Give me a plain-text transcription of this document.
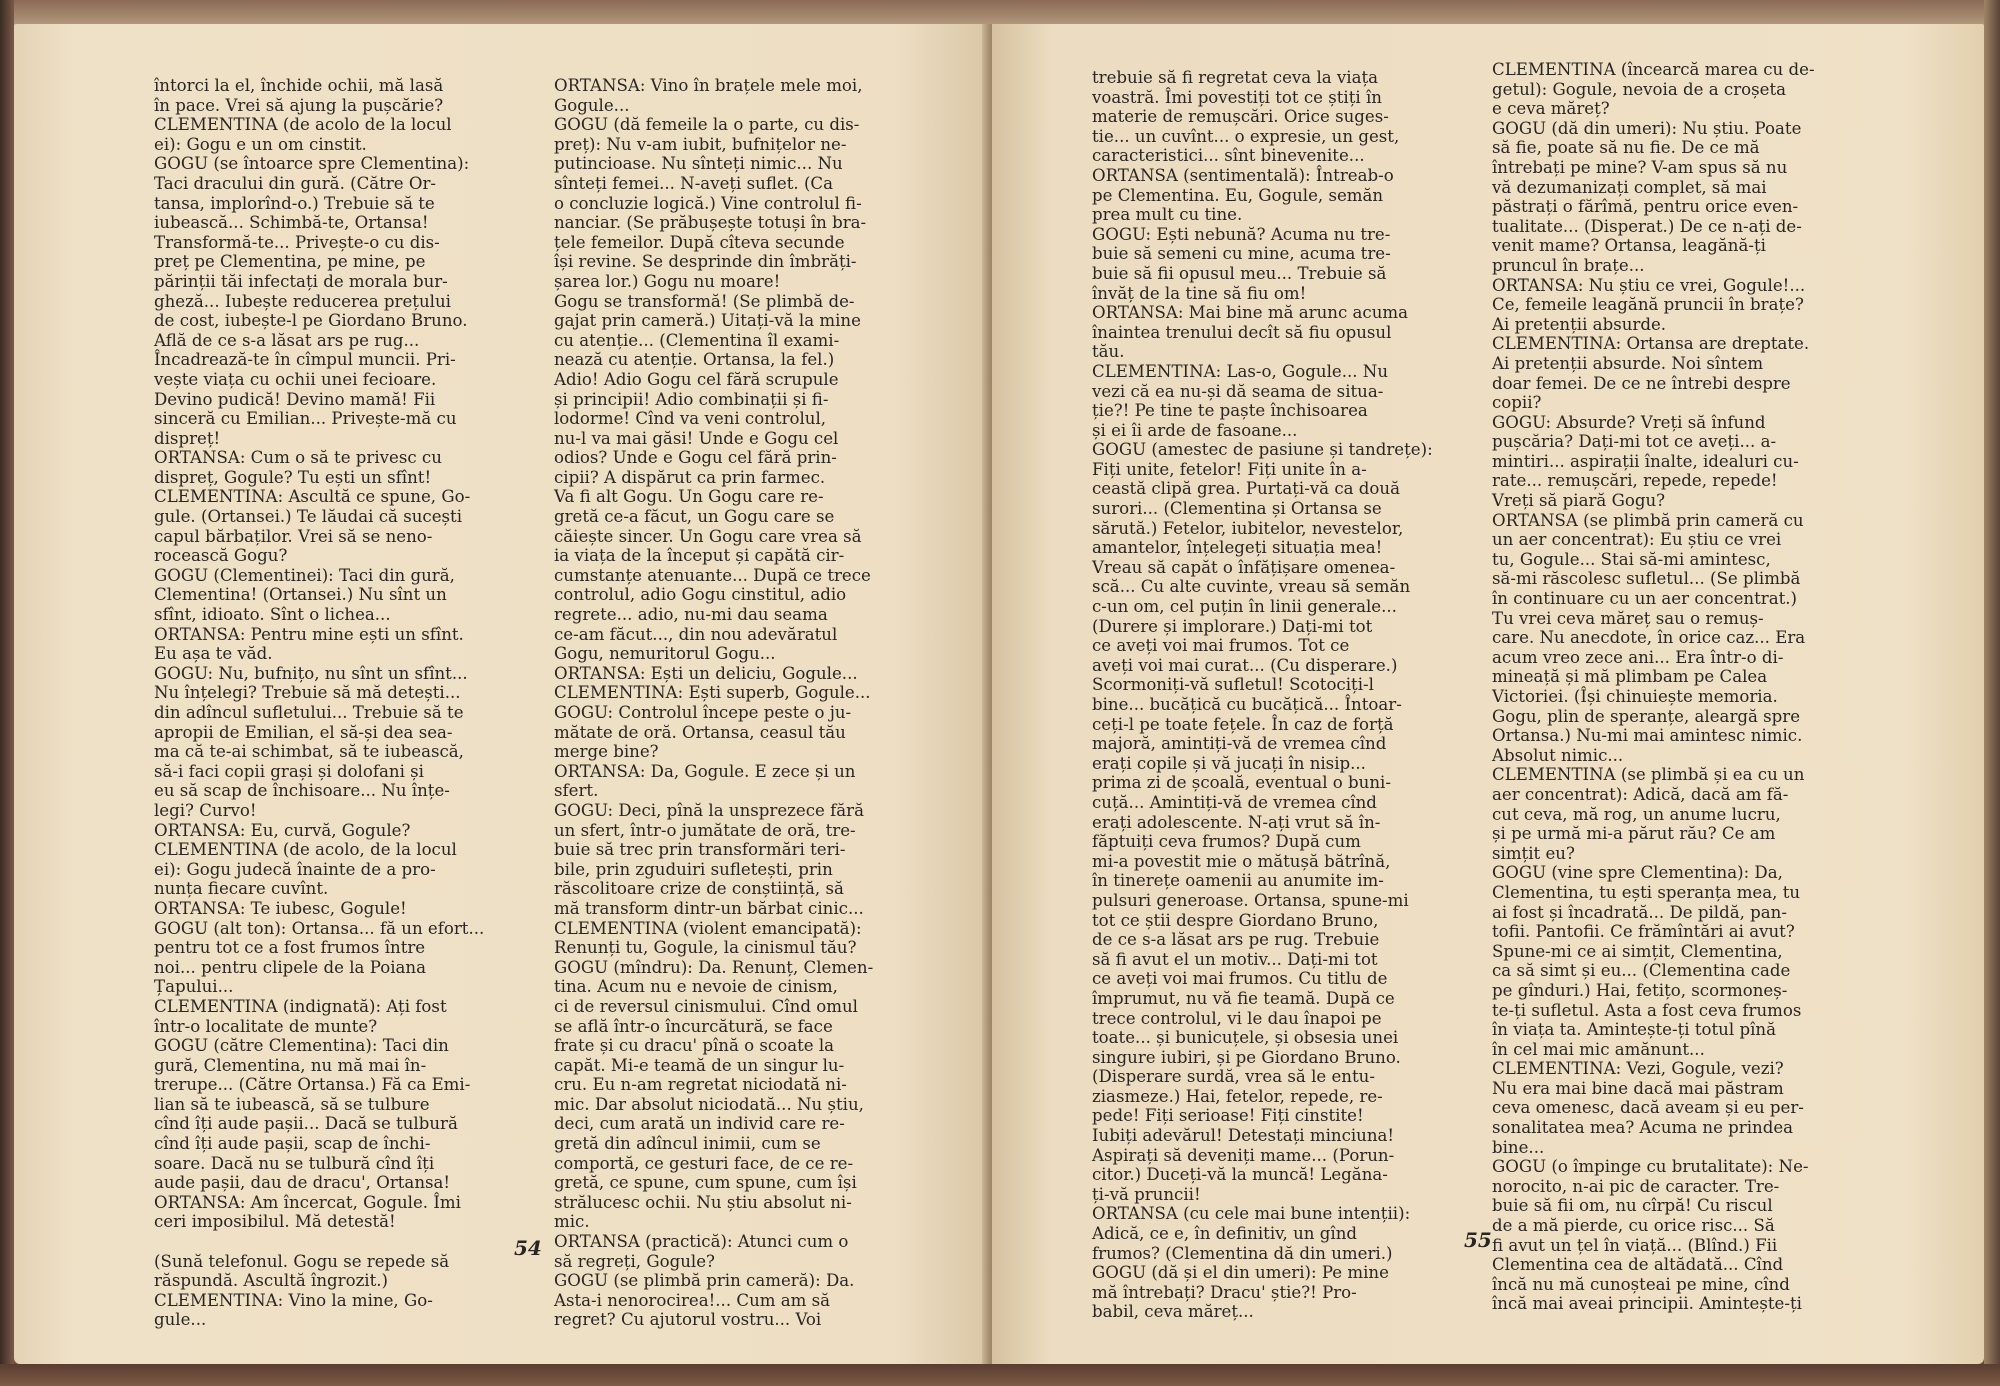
întorci la el, închide ochii, mă lasă
în pace. Vrei să ajung la pușcărie?
CLEMENTINA (de acolo de la locul
ei): Gogu e un om cinstit.
GOGU (se întoarce spre Clementina):
Taci dracului din gură. (Către Or-
tansa, implorînd-o.) Trebuie să te
iubească... Schimbă-te, Ortansa!
Transformă-te... Privește-o cu dis-
preț pe Clementina, pe mine, pe
părinții tăi infectați de morala bur-
gheză... Iubește reducerea prețului
de cost, iubește-l pe Giordano Bruno.
Află de ce s-a lăsat ars pe rug...
Încadrează-te în cîmpul muncii. Pri-
vește viața cu ochii unei fecioare.
Devino pudică! Devino mamă! Fii
sinceră cu Emilian... Privește-mă cu
dispreț!
ORTANSA: Cum o să te privesc cu
dispreț, Gogule? Tu ești un sfînt!
CLEMENTINA: Ascultă ce spune, Go-
gule. (Ortansei.) Te lăudai că sucești
capul bărbaților. Vrei să se neno-
rocească Gogu?
GOGU (Clementinei): Taci din gură,
Clementina! (Ortansei.) Nu sînt un
sfînt, idioato. Sînt o lichea...
ORTANSA: Pentru mine ești un sfînt.
Eu așa te văd.
GOGU: Nu, bufnițo, nu sînt un sfînt...
Nu înțelegi? Trebuie să mă detești...
din adîncul sufletului... Trebuie să te
apropii de Emilian, el să-și dea sea-
ma că te-ai schimbat, să te iubească,
să-i faci copii grași și dolofani și
eu să scap de închisoare... Nu înțe-
legi? Curvo!
ORTANSA: Eu, curvă, Gogule?
CLEMENTINA (de acolo, de la locul
ei): Gogu judecă înainte de a pro-
nunța fiecare cuvînt.
ORTANSA: Te iubesc, Gogule!
GOGU (alt ton): Ortansa... fă un efort...
pentru tot ce a fost frumos între
noi... pentru clipele de la Poiana
Țapului...
CLEMENTINA (indignată): Ați fost
într-o localitate de munte?
GOGU (către Clementina): Taci din
gură, Clementina, nu mă mai în-
trerupe... (Către Ortansa.) Fă ca Emi-
lian să te iubească, să se tulbure
cînd îți aude pașii... Dacă se tulbură
cînd îți aude pașii, scap de închi-
soare. Dacă nu se tulbură cînd îți
aude pașii, dau de dracu', Ortansa!
ORTANSA: Am încercat, Gogule. Îmi
ceri imposibilul. Mă detestă!
(Sună telefonul. Gogu se repede să
răspundă. Ascultă îngrozit.)
CLEMENTINA: Vino la mine, Go-
gule...
ORTANSA: Vino în brațele mele moi,
Gogule...
GOGU (dă femeile la o parte, cu dis-
preț): Nu v-am iubit, bufnițelor ne-
putincioase. Nu sînteți nimic... Nu
sînteți femei... N-aveți suflet. (Ca
o concluzie logică.) Vine controlul fi-
nanciar. (Se prăbușește totuși în bra-
țele femeilor. După cîteva secunde
își revine. Se desprinde din îmbrăți-
șarea lor.) Gogu nu moare!
Gogu se transformă! (Se plimbă de-
gajat prin cameră.) Uitați-vă la mine
cu atenție... (Clementina îl exami-
nează cu atenție. Ortansa, la fel.)
Adio! Adio Gogu cel fără scrupule
și principii! Adio combinații și fi-
lodorme! Cînd va veni controlul,
nu-l va mai găsi! Unde e Gogu cel
odios? Unde e Gogu cel fără prin-
cipii? A dispărut ca prin farmec.
Va fi alt Gogu. Un Gogu care re-
gretă ce-a făcut, un Gogu care se
căiește sincer. Un Gogu care vrea să
ia viața de la început și capătă cir-
cumstanțe atenuante... După ce trece
controlul, adio Gogu cinstitul, adio
regrete... adio, nu-mi dau seama
ce-am făcut..., din nou adevăratul
Gogu, nemuritorul Gogu...
ORTANSA: Ești un deliciu, Gogule...
CLEMENTINA: Ești superb, Gogule...
GOGU: Controlul începe peste o ju-
mătate de oră. Ortansa, ceasul tău
merge bine?
ORTANSA: Da, Gogule. E zece și un
sfert.
GOGU: Deci, pînă la unsprezece fără
un sfert, într-o jumătate de oră, tre-
buie să trec prin transformări teri-
bile, prin zguduiri sufletești, prin
răscolitoare crize de conștiință, să
mă transform dintr-un bărbat cinic...
CLEMENTINA (violent emancipată):
Renunți tu, Gogule, la cinismul tău?
GOGU (mîndru): Da. Renunț, Clemen-
tina. Acum nu e nevoie de cinism,
ci de reversul cinismului. Cînd omul
se află într-o încurcătură, se face
frate și cu dracu' pînă o scoate la
capăt. Mi-e teamă de un singur lu-
cru. Eu n-am regretat niciodată ni-
mic. Dar absolut niciodată... Nu știu,
deci, cum arată un individ care re-
gretă din adîncul inimii, cum se
comportă, ce gesturi face, de ce re-
gretă, ce spune, cum spune, cum își
strălucesc ochii. Nu știu absolut ni-
mic.
ORTANSA (practică): Atunci cum o
să regreți, Gogule?
GOGU (se plimbă prin cameră): Da.
Asta-i nenorocirea!... Cum am să
regret? Cu ajutorul vostru... Voi
54
trebuie să fi regretat ceva la viața
voastră. Îmi povestiți tot ce știți în
materie de remușcări. Orice suges-
tie... un cuvînt... o expresie, un gest,
caracteristici... sînt binevenite...
ORTANSA (sentimentală): Întreab-o
pe Clementina. Eu, Gogule, semăn
prea mult cu tine.
GOGU: Ești nebună? Acuma nu tre-
buie să semeni cu mine, acuma tre-
buie să fii opusul meu... Trebuie să
învăț de la tine să fiu om!
ORTANSA: Mai bine mă arunc acuma
înaintea trenului decît să fiu opusul
tău.
CLEMENTINA: Las-o, Gogule... Nu
vezi că ea nu-și dă seama de situa-
ție?! Pe tine te paște închisoarea
și ei îi arde de fasoane...
GOGU (amestec de pasiune și tandrețe):
Fiți unite, fetelor! Fiți unite în a-
ceastă clipă grea. Purtați-vă ca două
surori... (Clementina și Ortansa se
sărută.) Fetelor, iubitelor, nevestelor,
amantelor, înțelegeți situația mea!
Vreau să capăt o înfățișare omenea-
scă... Cu alte cuvinte, vreau să semăn
c-un om, cel puțin în linii generale...
(Durere și implorare.) Dați-mi tot
ce aveți voi mai frumos. Tot ce
aveți voi mai curat... (Cu disperare.)
Scormoniți-vă sufletul! Scotociți-l
bine... bucățică cu bucățică... Întoar-
ceți-l pe toate fețele. În caz de forță
majoră, amintiți-vă de vremea cînd
erați copile și vă jucați în nisip...
prima zi de școală, eventual o buni-
cuță... Amintiți-vă de vremea cînd
erați adolescente. N-ați vrut să în-
făptuiți ceva frumos? După cum
mi-a povestit mie o mătușă bătrînă,
în tinerețe oamenii au anumite im-
pulsuri generoase. Ortansa, spune-mi
tot ce știi despre Giordano Bruno,
de ce s-a lăsat ars pe rug. Trebuie
să fi avut el un motiv... Dați-mi tot
ce aveți voi mai frumos. Cu titlu de
împrumut, nu vă fie teamă. După ce
trece controlul, vi le dau înapoi pe
toate... și bunicuțele, și obsesia unei
singure iubiri, și pe Giordano Bruno.
(Disperare surdă, vrea să le entu-
ziasmeze.) Hai, fetelor, repede, re-
pede! Fiți serioase! Fiți cinstite!
Iubiți adevărul! Detestați minciuna!
Aspirați să deveniți mame... (Porun-
citor.) Duceți-vă la muncă! Legăna-
ți-vă pruncii!
ORTANSA (cu cele mai bune intenții):
Adică, ce e, în definitiv, un gînd
frumos? (Clementina dă din umeri.)
GOGU (dă și el din umeri): Pe mine
mă întrebați? Dracu' știe?! Pro-
babil, ceva măreț...
CLEMENTINA (încearcă marea cu de-
getul): Gogule, nevoia de a croșeta
e ceva măreț?
GOGU (dă din umeri): Nu știu. Poate
să fie, poate să nu fie. De ce mă
întrebați pe mine? V-am spus să nu
vă dezumanizați complet, să mai
păstrați o fărîmă, pentru orice even-
tualitate... (Disperat.) De ce n-ați de-
venit mame? Ortansa, leagănă-ți
pruncul în brațe...
ORTANSA: Nu știu ce vrei, Gogule!...
Ce, femeile leagănă pruncii în brațe?
Ai pretenții absurde.
CLEMENTINA: Ortansa are dreptate.
Ai pretenții absurde. Noi sîntem
doar femei. De ce ne întrebi despre
copii?
GOGU: Absurde? Vreți să înfund
pușcăria? Dați-mi tot ce aveți... a-
mintiri... aspirații înalte, idealuri cu-
rate... remușcări, repede, repede!
Vreți să piară Gogu?
ORTANSA (se plimbă prin cameră cu
un aer concentrat): Eu știu ce vrei
tu, Gogule... Stai să-mi amintesc,
să-mi răscolesc sufletul... (Se plimbă
în continuare cu un aer concentrat.)
Tu vrei ceva măreț sau o remuș-
care. Nu anecdote, în orice caz... Era
acum vreo zece ani... Era într-o di-
mineață și mă plimbam pe Calea
Victoriei. (Își chinuiește memoria.
Gogu, plin de speranțe, aleargă spre
Ortansa.) Nu-mi mai amintesc nimic.
Absolut nimic...
CLEMENTINA (se plimbă și ea cu un
aer concentrat): Adică, dacă am fă-
cut ceva, mă rog, un anume lucru,
și pe urmă mi-a părut rău? Ce am
simțit eu?
GOGU (vine spre Clementina): Da,
Clementina, tu ești speranța mea, tu
ai fost și încadrată... De pildă, pan-
tofii. Pantofii. Ce frămîntări ai avut?
Spune-mi ce ai simțit, Clementina,
ca să simt și eu... (Clementina cade
pe gînduri.) Hai, fetițo, scormoneș-
te-ți sufletul. Asta a fost ceva frumos
în viața ta. Amintește-ți totul pînă
în cel mai mic amănunt...
CLEMENTINA: Vezi, Gogule, vezi?
Nu era mai bine dacă mai păstram
ceva omenesc, dacă aveam și eu per-
sonalitatea mea? Acuma ne prindea
bine...
GOGU (o împinge cu brutalitate): Ne-
norocito, n-ai pic de caracter. Tre-
buie să fii om, nu cîrpă! Cu riscul
de a mă pierde, cu orice risc... Să
fi avut un țel în viață... (Blînd.) Fii
Clementina cea de altădată... Cînd
încă nu mă cunoșteai pe mine, cînd
încă mai aveai principii. Amintește-ți
55
